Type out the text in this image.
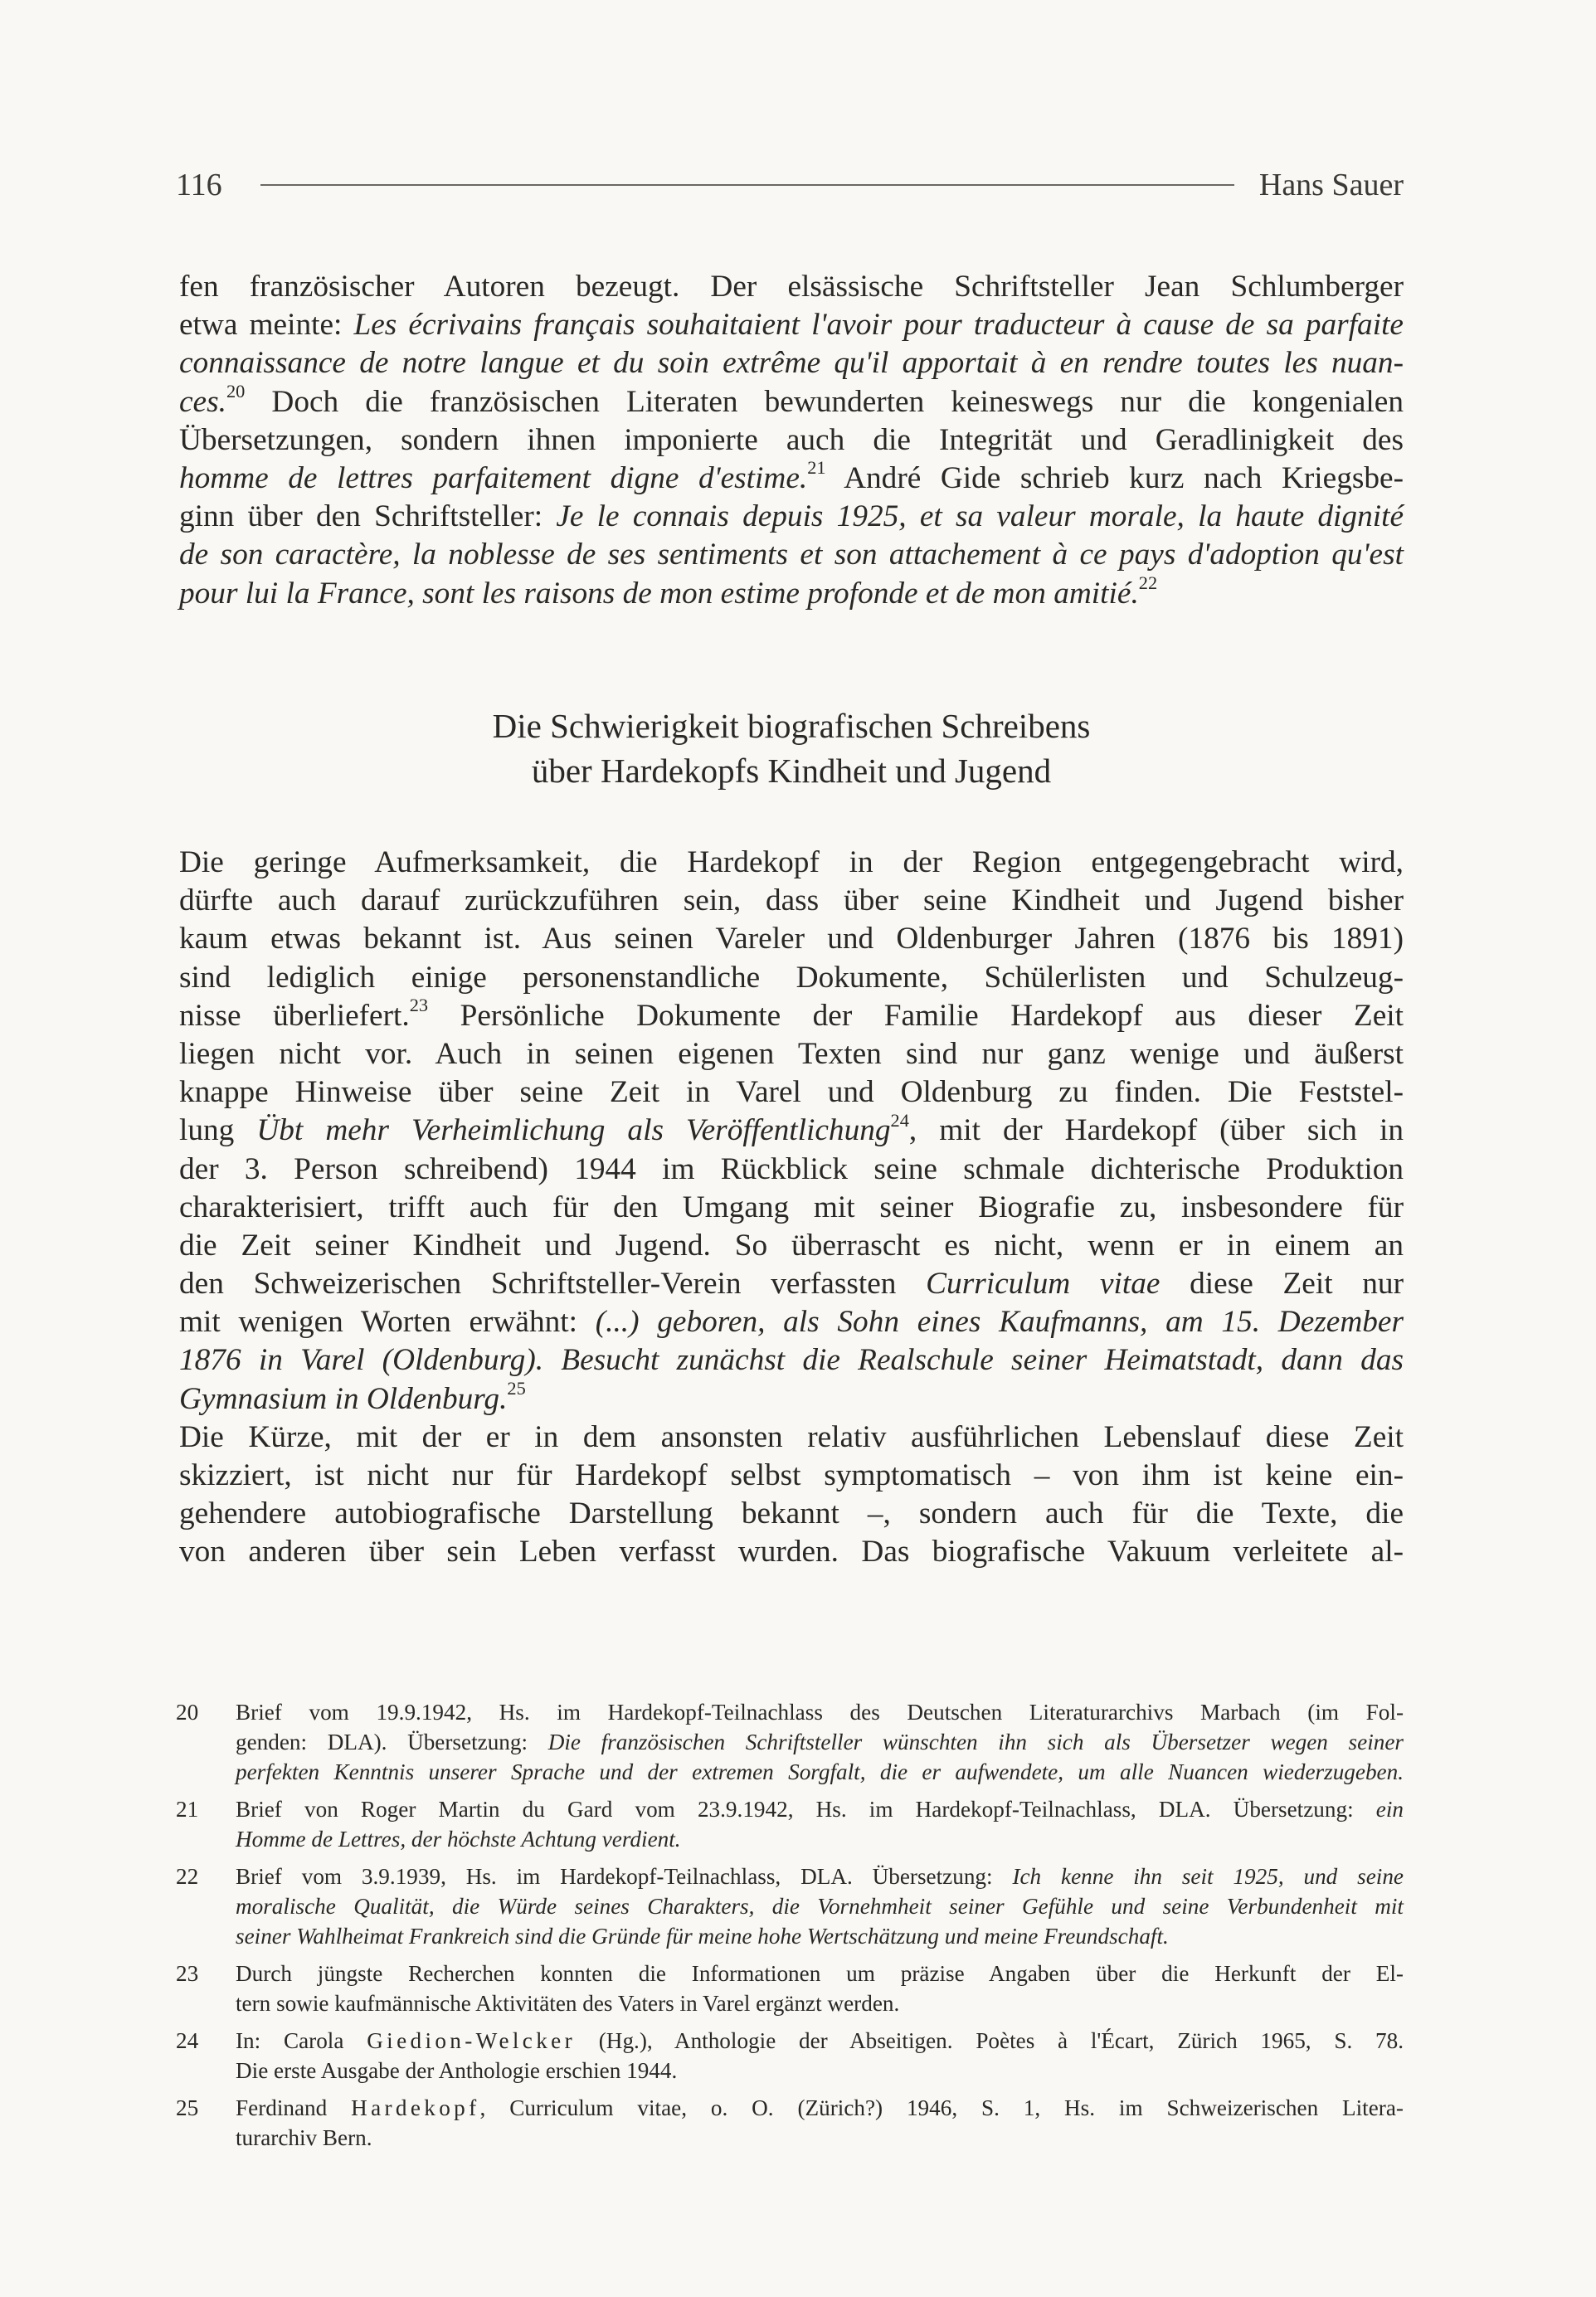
116	Hans Sauer
fen französischer Autoren bezeugt. Der elsässische Schriftsteller Jean Schlumberger
etwa meinte: Les écrivains français souhaitaient l'avoir pour traducteur à cause de sa parfaite
connaissance de notre langue et du soin extrême qu'il apportait à en rendre toutes les nuan-
ces.$^{20}$ Doch die französischen Literaten bewunderten keineswegs nur die kongenialen
Übersetzungen, sondern ihnen imponierte auch die Integrität und Geradlinigkeit des
homme de lettres parfaitement digne d'estime.$^{21}$ André Gide schrieb kurz nach Kriegsbe-
ginn über den Schriftsteller: Je le connais depuis 1925, et sa valeur morale, la haute dignité
de son caractère, la noblesse de ses sentiments et son attachement à ce pays d'adoption qu'est
pour lui la France, sont les raisons de mon estime profonde et de mon amitié.$^{22}$
Die Schwierigkeit biografischen Schreibens
über Hardekopfs Kindheit und Jugend
Die geringe Aufmerksamkeit, die Hardekopf in der Region entgegengebracht wird,
dürfte auch darauf zurückzuführen sein, dass über seine Kindheit und Jugend bisher
kaum etwas bekannt ist. Aus seinen Vareler und Oldenburger Jahren (1876 bis 1891)
sind lediglich einige personenstandliche Dokumente, Schülerlisten und Schulzeug-
nisse überliefert.$^{23}$ Persönliche Dokumente der Familie Hardekopf aus dieser Zeit
liegen nicht vor. Auch in seinen eigenen Texten sind nur ganz wenige und äußerst
knappe Hinweise über seine Zeit in Varel und Oldenburg zu finden. Die Feststel-
lung Übt mehr Verheimlichung als Veröffentlichung$^{24}$, mit der Hardekopf (über sich in
der 3. Person schreibend) 1944 im Rückblick seine schmale dichterische Produktion
charakterisiert, trifft auch für den Umgang mit seiner Biografie zu, insbesondere für
die Zeit seiner Kindheit und Jugend. So überrascht es nicht, wenn er in einem an
den Schweizerischen Schriftsteller-Verein verfassten Curriculum vitae diese Zeit nur
mit wenigen Worten erwähnt: (...) geboren, als Sohn eines Kaufmanns, am 15. Dezember
1876 in Varel (Oldenburg). Besucht zunächst die Realschule seiner Heimatstadt, dann das
Gymnasium in Oldenburg.$^{25}$
Die Kürze, mit der er in dem ansonsten relativ ausführlichen Lebenslauf diese Zeit
skizziert, ist nicht nur für Hardekopf selbst symptomatisch – von ihm ist keine ein-
gehendere autobiografische Darstellung bekannt –, sondern auch für die Texte, die
von anderen über sein Leben verfasst wurden. Das biografische Vakuum verleitete al-
20 Brief vom 19.9.1942, Hs. im Hardekopf-Teilnachlass des Deutschen Literaturarchivs Marbach (im Fol-
genden: DLA). Übersetzung: Die französischen Schriftsteller wünschten ihn sich als Übersetzer wegen seiner
perfekten Kenntnis unserer Sprache und der extremen Sorgfalt, die er aufwendete, um alle Nuancen wiederzugeben.
21 Brief von Roger Martin du Gard vom 23.9.1942, Hs. im Hardekopf-Teilnachlass, DLA. Übersetzung: ein
Homme de Lettres, der höchste Achtung verdient.
22 Brief vom 3.9.1939, Hs. im Hardekopf-Teilnachlass, DLA. Übersetzung: Ich kenne ihn seit 1925, und seine
moralische Qualität, die Würde seines Charakters, die Vornehmheit seiner Gefühle und seine Verbundenheit mit
seiner Wahlheimat Frankreich sind die Gründe für meine hohe Wertschätzung und meine Freundschaft.
23 Durch jüngste Recherchen konnten die Informationen um präzise Angaben über die Herkunft der El-
tern sowie kaufmännische Aktivitäten des Vaters in Varel ergänzt werden.
24 In: Carola Giedion-Welcker (Hg.), Anthologie der Abseitigen. Poètes à l'Écart, Zürich 1965, S. 78.
Die erste Ausgabe der Anthologie erschien 1944.
25 Ferdinand Hardekopf, Curriculum vitae, o. O. (Zürich?) 1946, S. 1, Hs. im Schweizerischen Litera-
turarchiv Bern.
